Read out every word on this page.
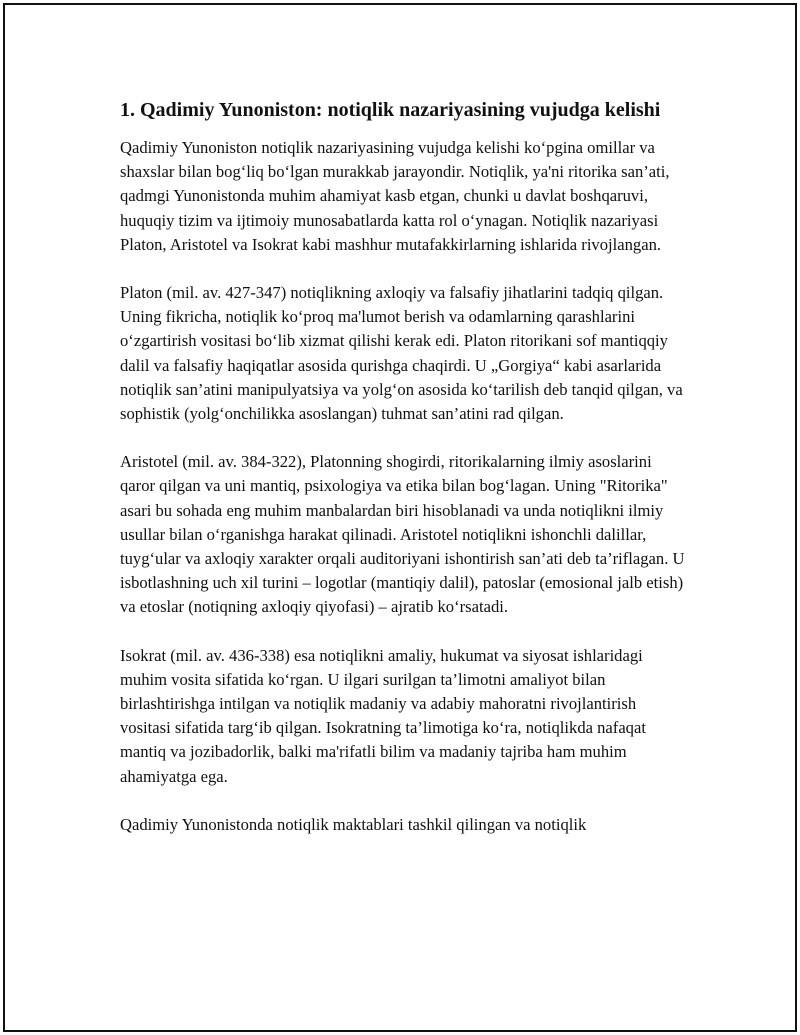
1. Qadimiy Yunoniston: notiqlik nazariyasining vujudga kelishi

Qadimiy Yunoniston notiqlik nazariyasining vujudga kelishi ko‘pgina omillar va shaxslar bilan bog‘liq bo‘lgan murakkab jarayondir. Notiqlik, ya'ni ritorika san’ati, qadmgi Yunonistonda muhim ahamiyat kasb etgan, chunki u davlat boshqaruvi, huquqiy tizim va ijtimoiy munosabatlarda katta rol o‘ynagan. Notiqlik nazariyasi Platon, Aristotel va Isokrat kabi mashhur mutafakkirlarning ishlarida rivojlangan.

Platon (mil. av. 427-347) notiqlikning axloqiy va falsafiy jihatlarini tadqiq qilgan. Uning fikricha, notiqlik ko‘proq ma'lumot berish va odamlarning qarashlarini o‘zgartirish vositasi bo‘lib xizmat qilishi kerak edi. Platon ritorikani sof mantiqqiy dalil va falsafiy haqiqatlar asosida qurishga chaqirdi. U „Gorgiya“ kabi asarlarida notiqlik san’atini manipulyatsiya va yolg‘on asosida ko‘tarilish deb tanqid qilgan, va sophistik (yolg‘onchilikka asoslangan) tuhmat san’atini rad qilgan.

Aristotel (mil. av. 384-322), Platonning shogirdi, ritorikalarning ilmiy asoslarini qaror qilgan va uni mantiq, psixologiya va etika bilan bog‘lagan. Uning "Ritorika" asari bu sohada eng muhim manbalardan biri hisoblanadi va unda notiqlikni ilmiy usullar bilan o‘rganishga harakat qilinadi. Aristotel notiqlikni ishonchli dalillar, tuyg‘ular va axloqiy xarakter orqali auditoriyani ishontirish san’ati deb ta’riflagan. U isbotlashning uch xil turini – logotlar (mantiqiy dalil), patoslar (emosional jalb etish) va etoslar (notiqning axloqiy qiyofasi) – ajratib ko‘rsatadi.

Isokrat (mil. av. 436-338) esa notiqlikni amaliy, hukumat va siyosat ishlaridagi muhim vosita sifatida ko‘rgan. U ilgari surilgan ta’limotni amaliyot bilan birlashtirishga intilgan va notiqlik madaniy va adabiy mahoratni rivojlantirish vositasi sifatida targ‘ib qilgan. Isokratning ta’limotiga ko‘ra, notiqlikda nafaqat mantiq va jozibadorlik, balki ma'rifatli bilim va madaniy tajriba ham muhim ahamiyatga ega.

Qadimiy Yunonistonda notiqlik maktablari tashkil qilingan va notiqlik
